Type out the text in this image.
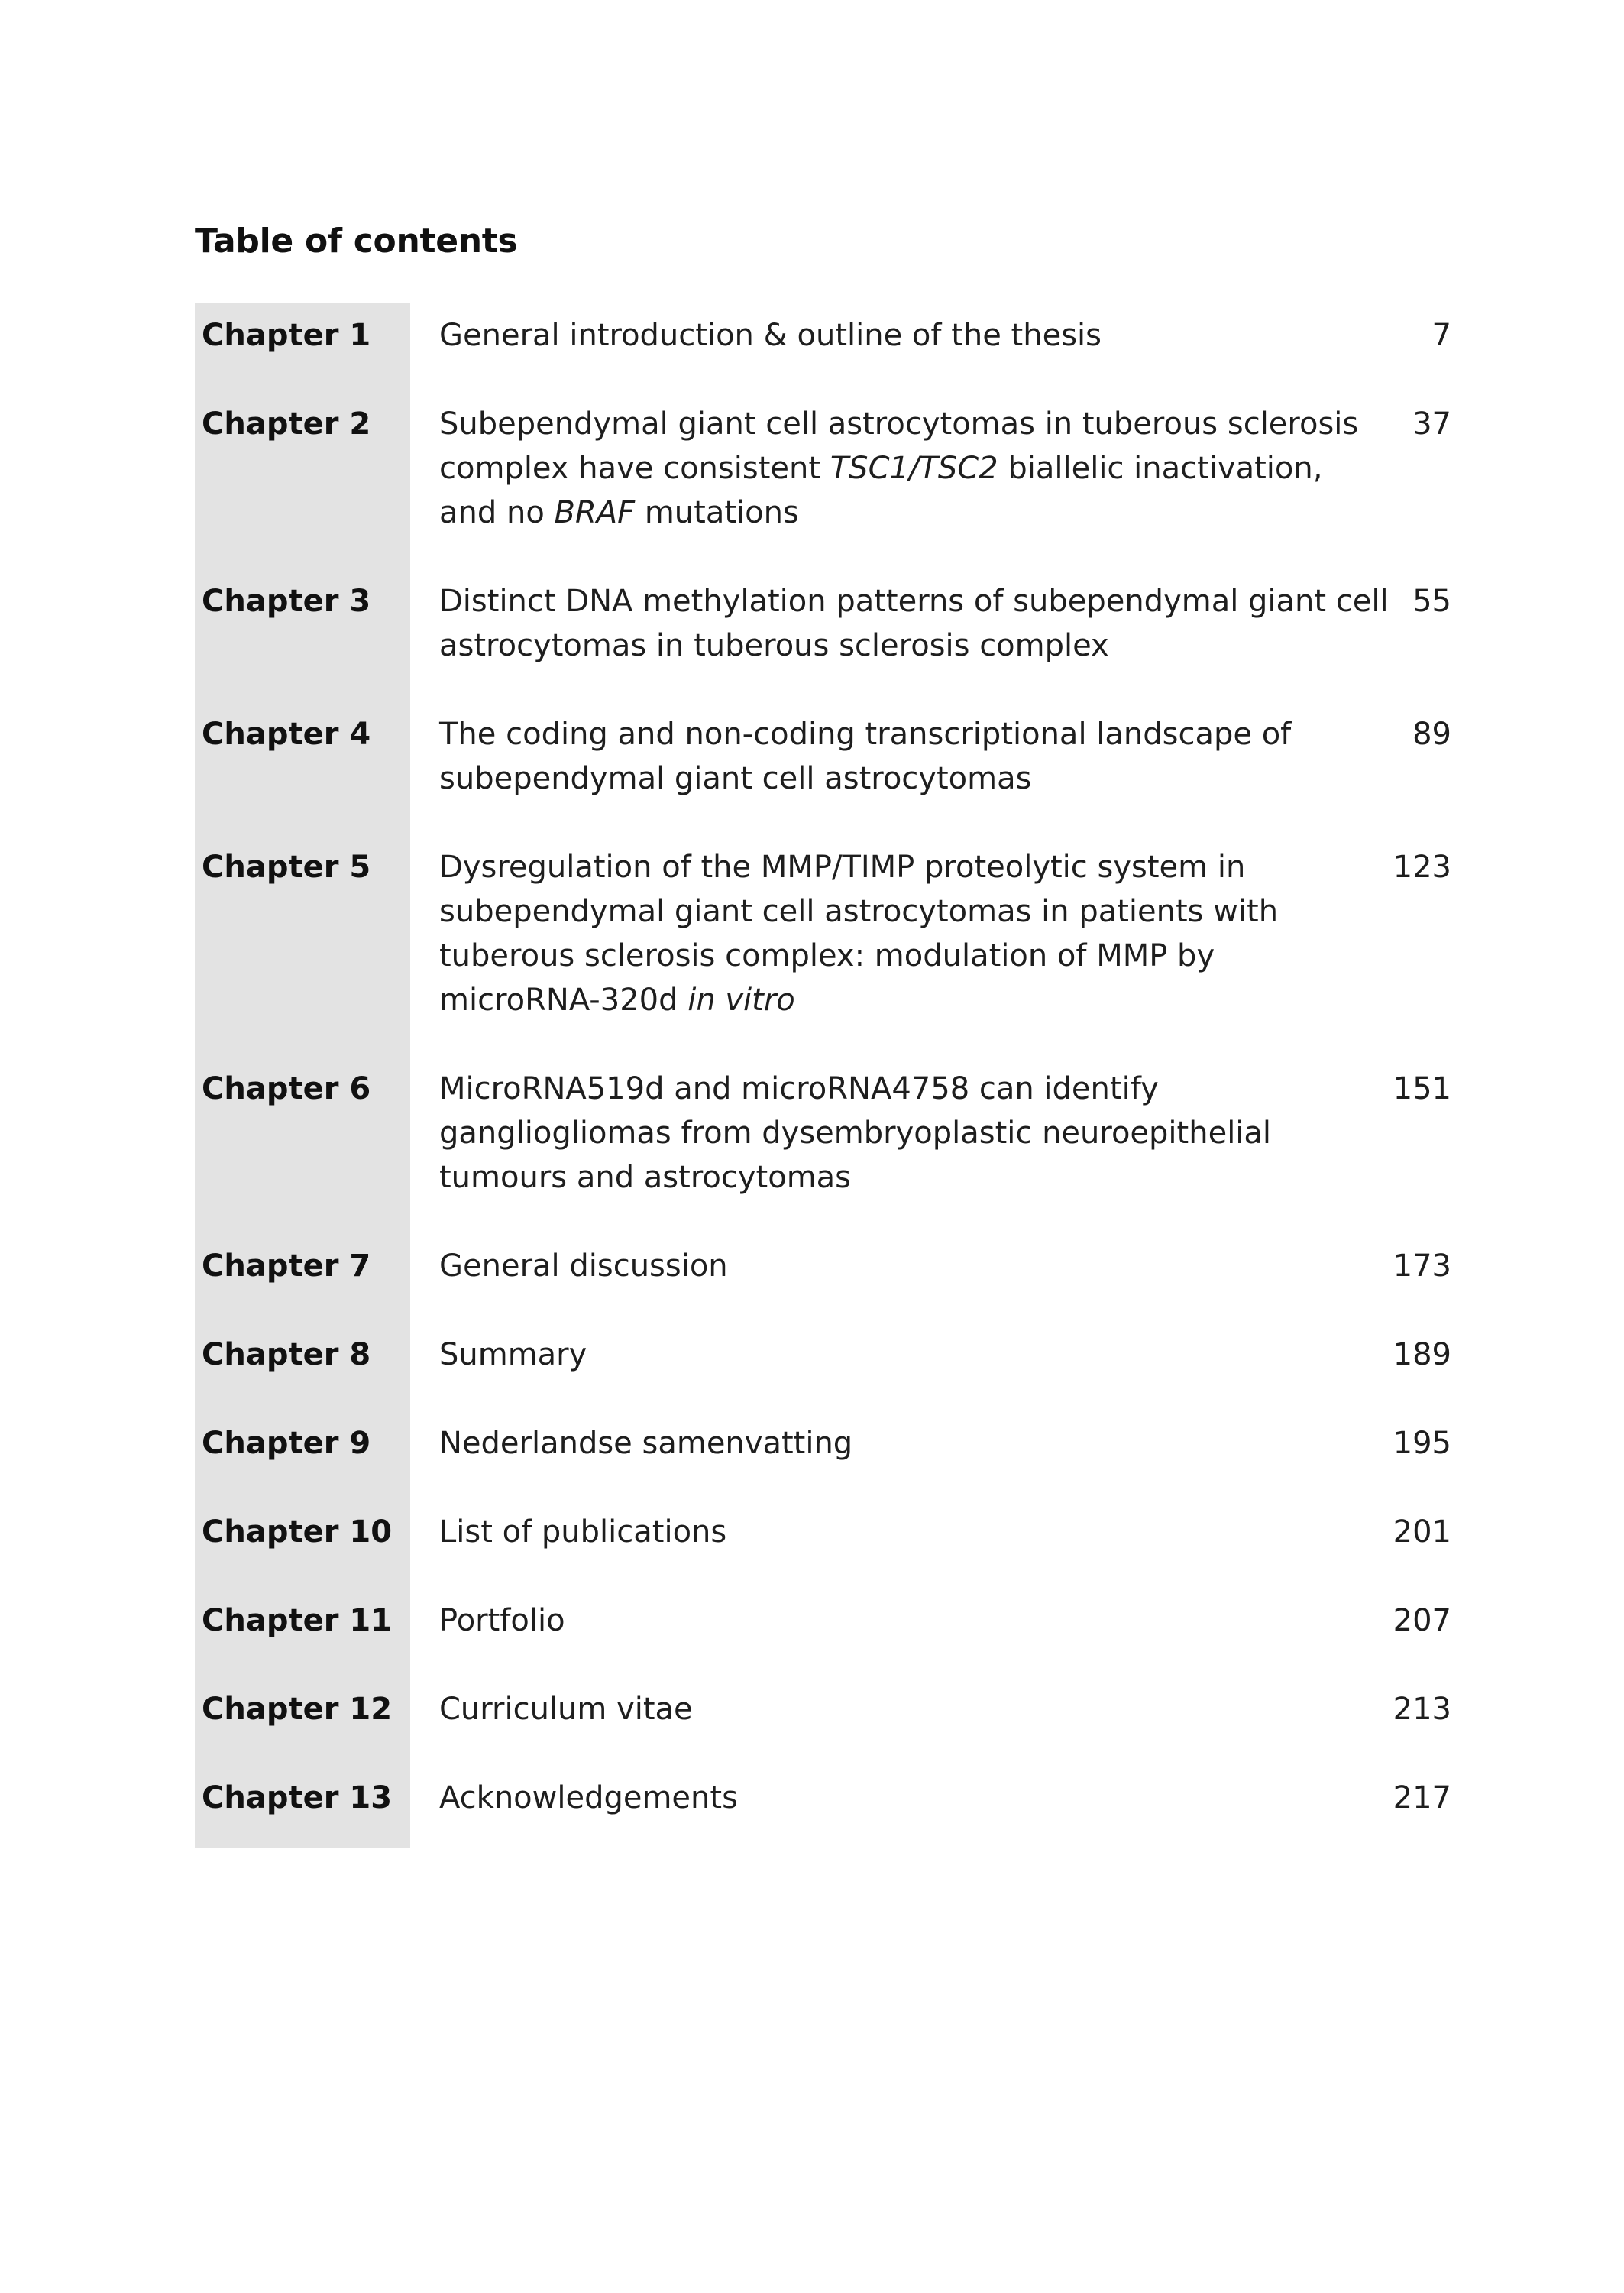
Table of contents
Chapter 1	General introduction & outline of the thesis	7
Chapter 2	Subependymal giant cell astrocytomas in tuberous sclerosis
complex have consistent TSC1/TSC2 biallelic inactivation,
and no BRAF mutations
37
Chapter 3	Distinct DNA methylation patterns of subependymal giant cell
astrocytomas in tuberous sclerosis complex
55
Chapter 4	The coding and non-coding transcriptional landscape of
subependymal giant cell astrocytomas
89
Chapter 5	Dysregulation of the MMP/TIMP proteolytic system in
subependymal giant cell astrocytomas in patients with
tuberous sclerosis complex: modulation of MMP by
microRNA-320d in vitro
123
Chapter 6	MicroRNA519d and microRNA4758 can identify
gangliogliomas from dysembryoplastic neuroepithelial
tumours and astrocytomas
151
Chapter 7	General discussion	173
Chapter 8	Summary	189
Chapter 9	Nederlandse samenvatting	195
Chapter 10	List of publications	201
Chapter 11	Portfolio	207
Chapter 12	Curriculum vitae	213
Chapter 13	Acknowledgements	217
